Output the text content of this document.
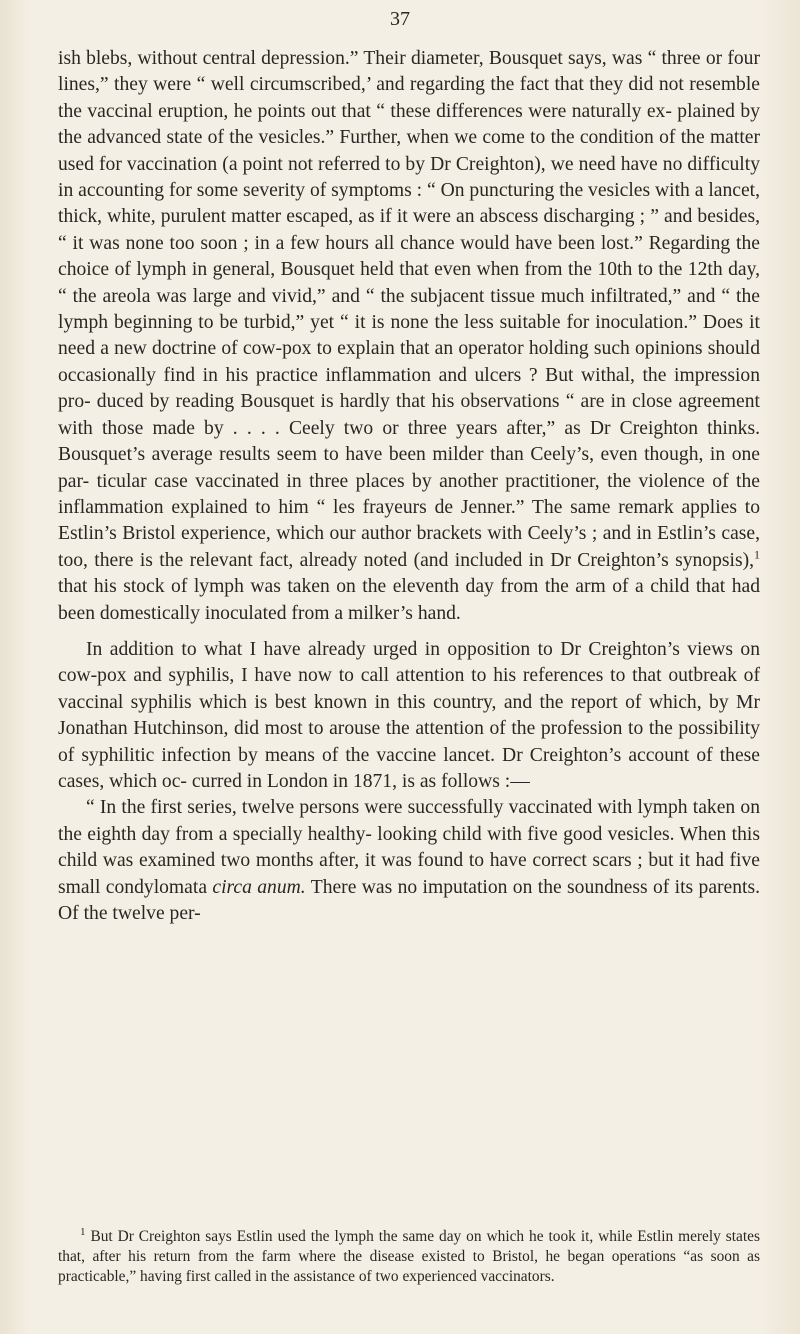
37

ish blebs, without central depression.” Their diameter, Bousquet says, was “ three or four lines,” they were “ well circumscribed,’ and regarding the fact that they did not resemble the vaccinal eruption, he points out that “ these differences were naturally ex- plained by the advanced state of the vesicles.” Further, when we come to the condition of the matter used for vaccination (a point not referred to by Dr Creighton), we need have no difficulty in accounting for some severity of symptoms : “ On puncturing the vesicles with a lancet, thick, white, purulent matter escaped, as if it were an abscess discharging ; ” and besides, “ it was none too soon ; in a few hours all chance would have been lost.” Regarding the choice of lymph in general, Bousquet held that even when from the 10th to the 12th day, “ the areola was large and vivid,” and “ the subjacent tissue much infiltrated,” and “ the lymph beginning to be turbid,” yet “ it is none the less suitable for inoculation.” Does it need a new doctrine of cow-pox to explain that an operator holding such opinions should occasionally find in his practice inflammation and ulcers ? But withal, the impression pro- duced by reading Bousquet is hardly that his observations “ are in close agreement with those made by . . . . Ceely two or three years after,” as Dr Creighton thinks. Bousquet’s average results seem to have been milder than Ceely’s, even though, in one par- ticular case vaccinated in three places by another practitioner, the violence of the inflammation explained to him “ les frayeurs de Jenner.” The same remark applies to Estlin’s Bristol experience, which our author brackets with Ceely’s ; and in Estlin’s case, too, there is the relevant fact, already noted (and included in Dr Creighton’s synopsis),$^1$ that his stock of lymph was taken on the eleventh day from the arm of a child that had been domestically inoculated from a milker’s hand.

In addition to what I have already urged in opposition to Dr Creighton’s views on cow-pox and syphilis, I have now to call attention to his references to that outbreak of vaccinal syphilis which is best known in this country, and the report of which, by Mr Jonathan Hutchinson, did most to arouse the attention of the profession to the possibility of syphilitic infection by means of the vaccine lancet. Dr Creighton’s account of these cases, which oc- curred in London in 1871, is as follows :—

“ In the first series, twelve persons were successfully vaccinated with lymph taken on the eighth day from a specially healthy- looking child with five good vesicles. When this child was examined two months after, it was found to have correct scars ; but it had five small condylomata circa anum. There was no imputation on the soundness of its parents. Of the twelve per-

$^1$ But Dr Creighton says Estlin used the lymph the same day on which he took it, while Estlin merely states that, after his return from the farm where the disease existed to Bristol, he began operations “as soon as practicable,” having first called in the assistance of two experienced vaccinators.
